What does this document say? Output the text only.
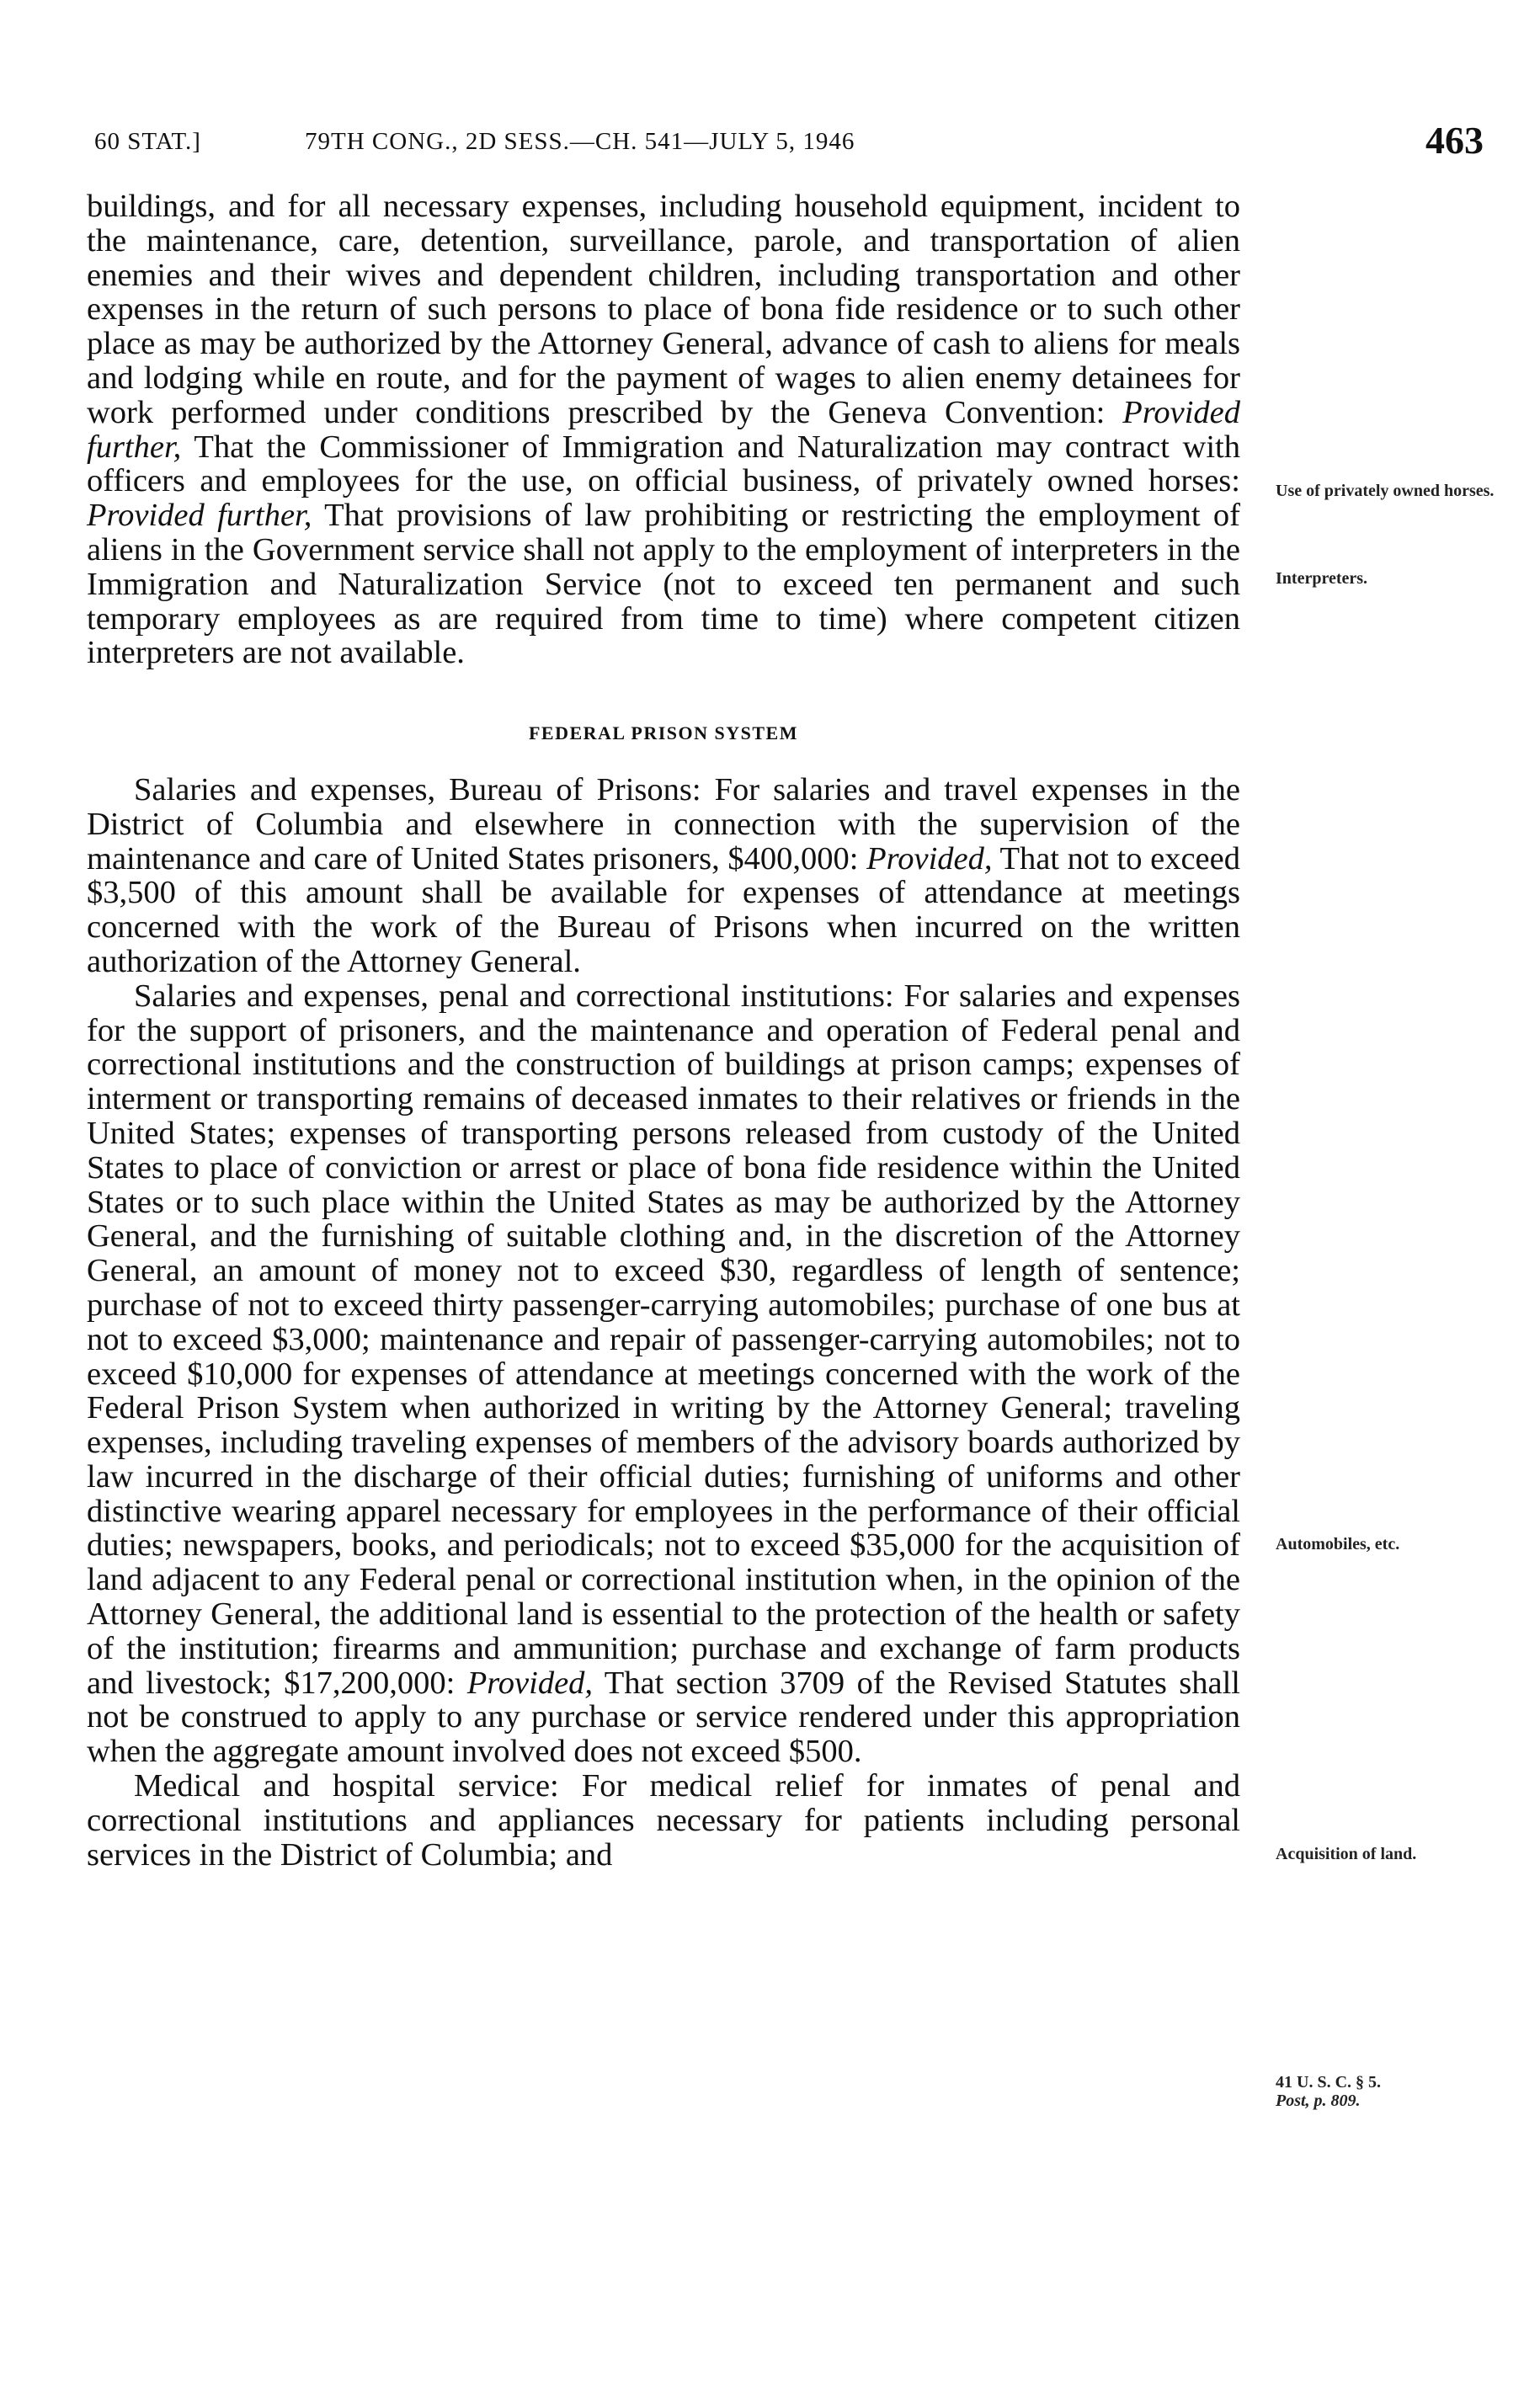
60 STAT.]	79TH CONG., 2D SESS.—CH. 541—JULY 5, 1946	463

buildings, and for all necessary expenses, including household equipment, incident to the maintenance, care, detention, surveillance, parole, and transportation of alien enemies and their wives and dependent children, including transportation and other expenses in the return of such persons to place of bona fide residence or to such other place as may be authorized by the Attorney General, advance of cash to aliens for meals and lodging while en route, and for the payment of wages to alien enemy detainees for work performed under conditions prescribed by the Geneva Convention: Provided further, That the Commissioner of Immigration and Naturalization may contract with officers and employees for the use, on official business, of privately owned horses: Provided further, That provisions of law prohibiting or restricting the employment of aliens in the Government service shall not apply to the employment of interpreters in the Immigration and Naturalization Service (not to exceed ten permanent and such temporary employees as are required from time to time) where competent citizen interpreters are not available.

FEDERAL PRISON SYSTEM

Salaries and expenses, Bureau of Prisons: For salaries and travel expenses in the District of Columbia and elsewhere in connection with the supervision of the maintenance and care of United States prisoners, $400,000: Provided, That not to exceed $3,500 of this amount shall be available for expenses of attendance at meetings concerned with the work of the Bureau of Prisons when incurred on the written authorization of the Attorney General.

Salaries and expenses, penal and correctional institutions: For salaries and expenses for the support of prisoners, and the maintenance and operation of Federal penal and correctional institutions and the construction of buildings at prison camps; expenses of interment or transporting remains of deceased inmates to their relatives or friends in the United States; expenses of transporting persons released from custody of the United States to place of conviction or arrest or place of bona fide residence within the United States or to such place within the United States as may be authorized by the Attorney General, and the furnishing of suitable clothing and, in the discretion of the Attorney General, an amount of money not to exceed $30, regardless of length of sentence; purchase of not to exceed thirty passenger-carrying automobiles; purchase of one bus at not to exceed $3,000; maintenance and repair of passenger-carrying automobiles; not to exceed $10,000 for expenses of attendance at meetings concerned with the work of the Federal Prison System when authorized in writing by the Attorney General; traveling expenses, including traveling expenses of members of the advisory boards authorized by law incurred in the discharge of their official duties; furnishing of uniforms and other distinctive wearing apparel necessary for employees in the performance of their official duties; newspapers, books, and periodicals; not to exceed $35,000 for the acquisition of land adjacent to any Federal penal or correctional institution when, in the opinion of the Attorney General, the additional land is essential to the protection of the health or safety of the institution; firearms and ammunition; purchase and exchange of farm products and livestock; $17,200,000: Provided, That section 3709 of the Revised Statutes shall not be construed to apply to any purchase or service rendered under this appropriation when the aggregate amount involved does not exceed $500.

Medical and hospital service: For medical relief for inmates of penal and correctional institutions and appliances necessary for patients including personal services in the District of Columbia; and

Use of privately owned horses.
Interpreters.
Automobiles, etc.
Acquisition of land.
41 U. S. C. § 5.
Post, p. 809.
